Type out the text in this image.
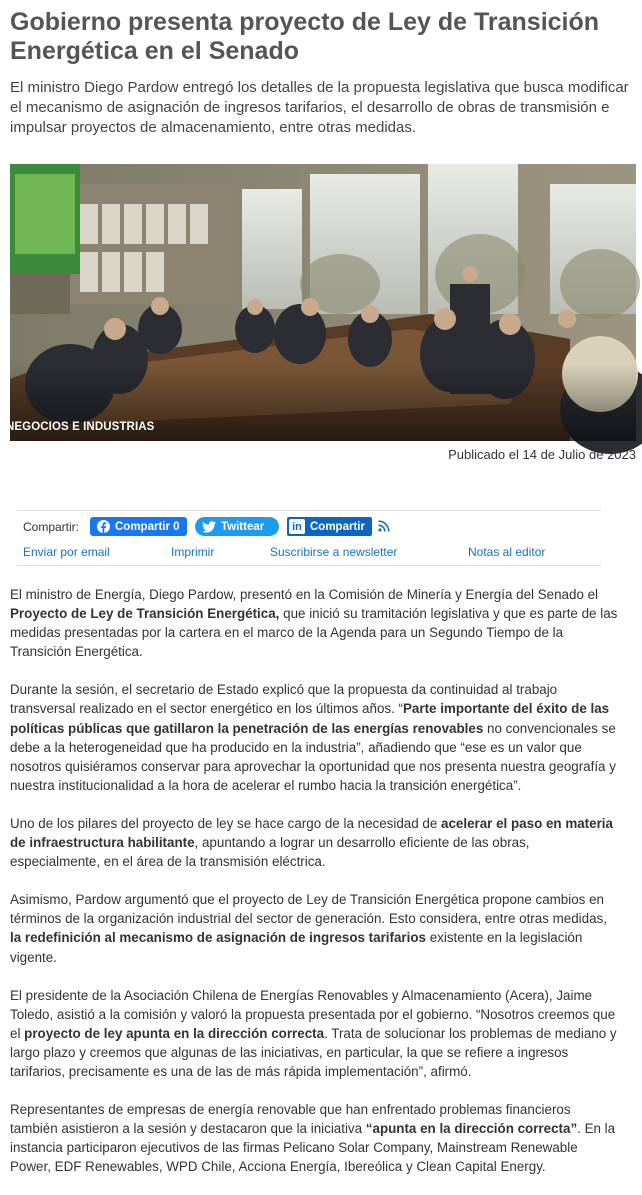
Gobierno presenta proyecto de Ley de Transición Energética en el Senado

El ministro Diego Pardow entregó los detalles de la propuesta legislativa que busca modificar el mecanismo de asignación de ingresos tarifarios, el desarrollo de obras de transmisión e impulsar proyectos de almacenamiento, entre otras medidas.

NEGOCIOS E INDUSTRIAS
Publicado el 14 de Julio de 2023
Compartir:	Compartir 0	Twittear	in Compartir
Enviar por email	Imprimir	Suscribirse a newsletter	Notas al editor

El ministro de Energía, Diego Pardow, presentó en la Comisión de Minería y Energía del Senado el Proyecto de Ley de Transición Energética, que inició su tramitación legislativa y que es parte de las medidas presentadas por la cartera en el marco de la Agenda para un Segundo Tiempo de la Transición Energética.

Durante la sesión, el secretario de Estado explicó que la propuesta da continuidad al trabajo transversal realizado en el sector energético en los últimos años. “Parte importante del éxito de las políticas públicas que gatillaron la penetración de las energías renovables no convencionales se debe a la heterogeneidad que ha producido en la industria”, añadiendo que “ese es un valor que nosotros quisiéramos conservar para aprovechar la oportunidad que nos presenta nuestra geografía y nuestra institucionalidad a la hora de acelerar el rumbo hacia la transición energética”.

Uno de los pilares del proyecto de ley se hace cargo de la necesidad de acelerar el paso en materia de infraestructura habilitante, apuntando a lograr un desarrollo eficiente de las obras, especialmente, en el área de la transmisión eléctrica.

Asimismo, Pardow argumentó que el proyecto de Ley de Transición Energética propone cambios en términos de la organización industrial del sector de generación. Esto considera, entre otras medidas, la redefinición al mecanismo de asignación de ingresos tarifarios existente en la legislación vigente.

El presidente de la Asociación Chilena de Energías Renovables y Almacenamiento (Acera), Jaime Toledo, asistió a la comisión y valoró la propuesta presentada por el gobierno. “Nosotros creemos que el proyecto de ley apunta en la dirección correcta. Trata de solucionar los problemas de mediano y largo plazo y creemos que algunas de las iniciativas, en particular, la que se refiere a ingresos tarifarios, precisamente es una de las de más rápida implementación”, afirmó.

Representantes de empresas de energía renovable que han enfrentado problemas financieros también asistieron a la sesión y destacaron que la iniciativa “apunta en la dirección correcta”. En la instancia participaron ejecutivos de las firmas Pelicano Solar Company, Mainstream Renewable Power, EDF Renewables, WPD Chile, Acciona Energía, Ibereólica y Clean Capital Energy.
